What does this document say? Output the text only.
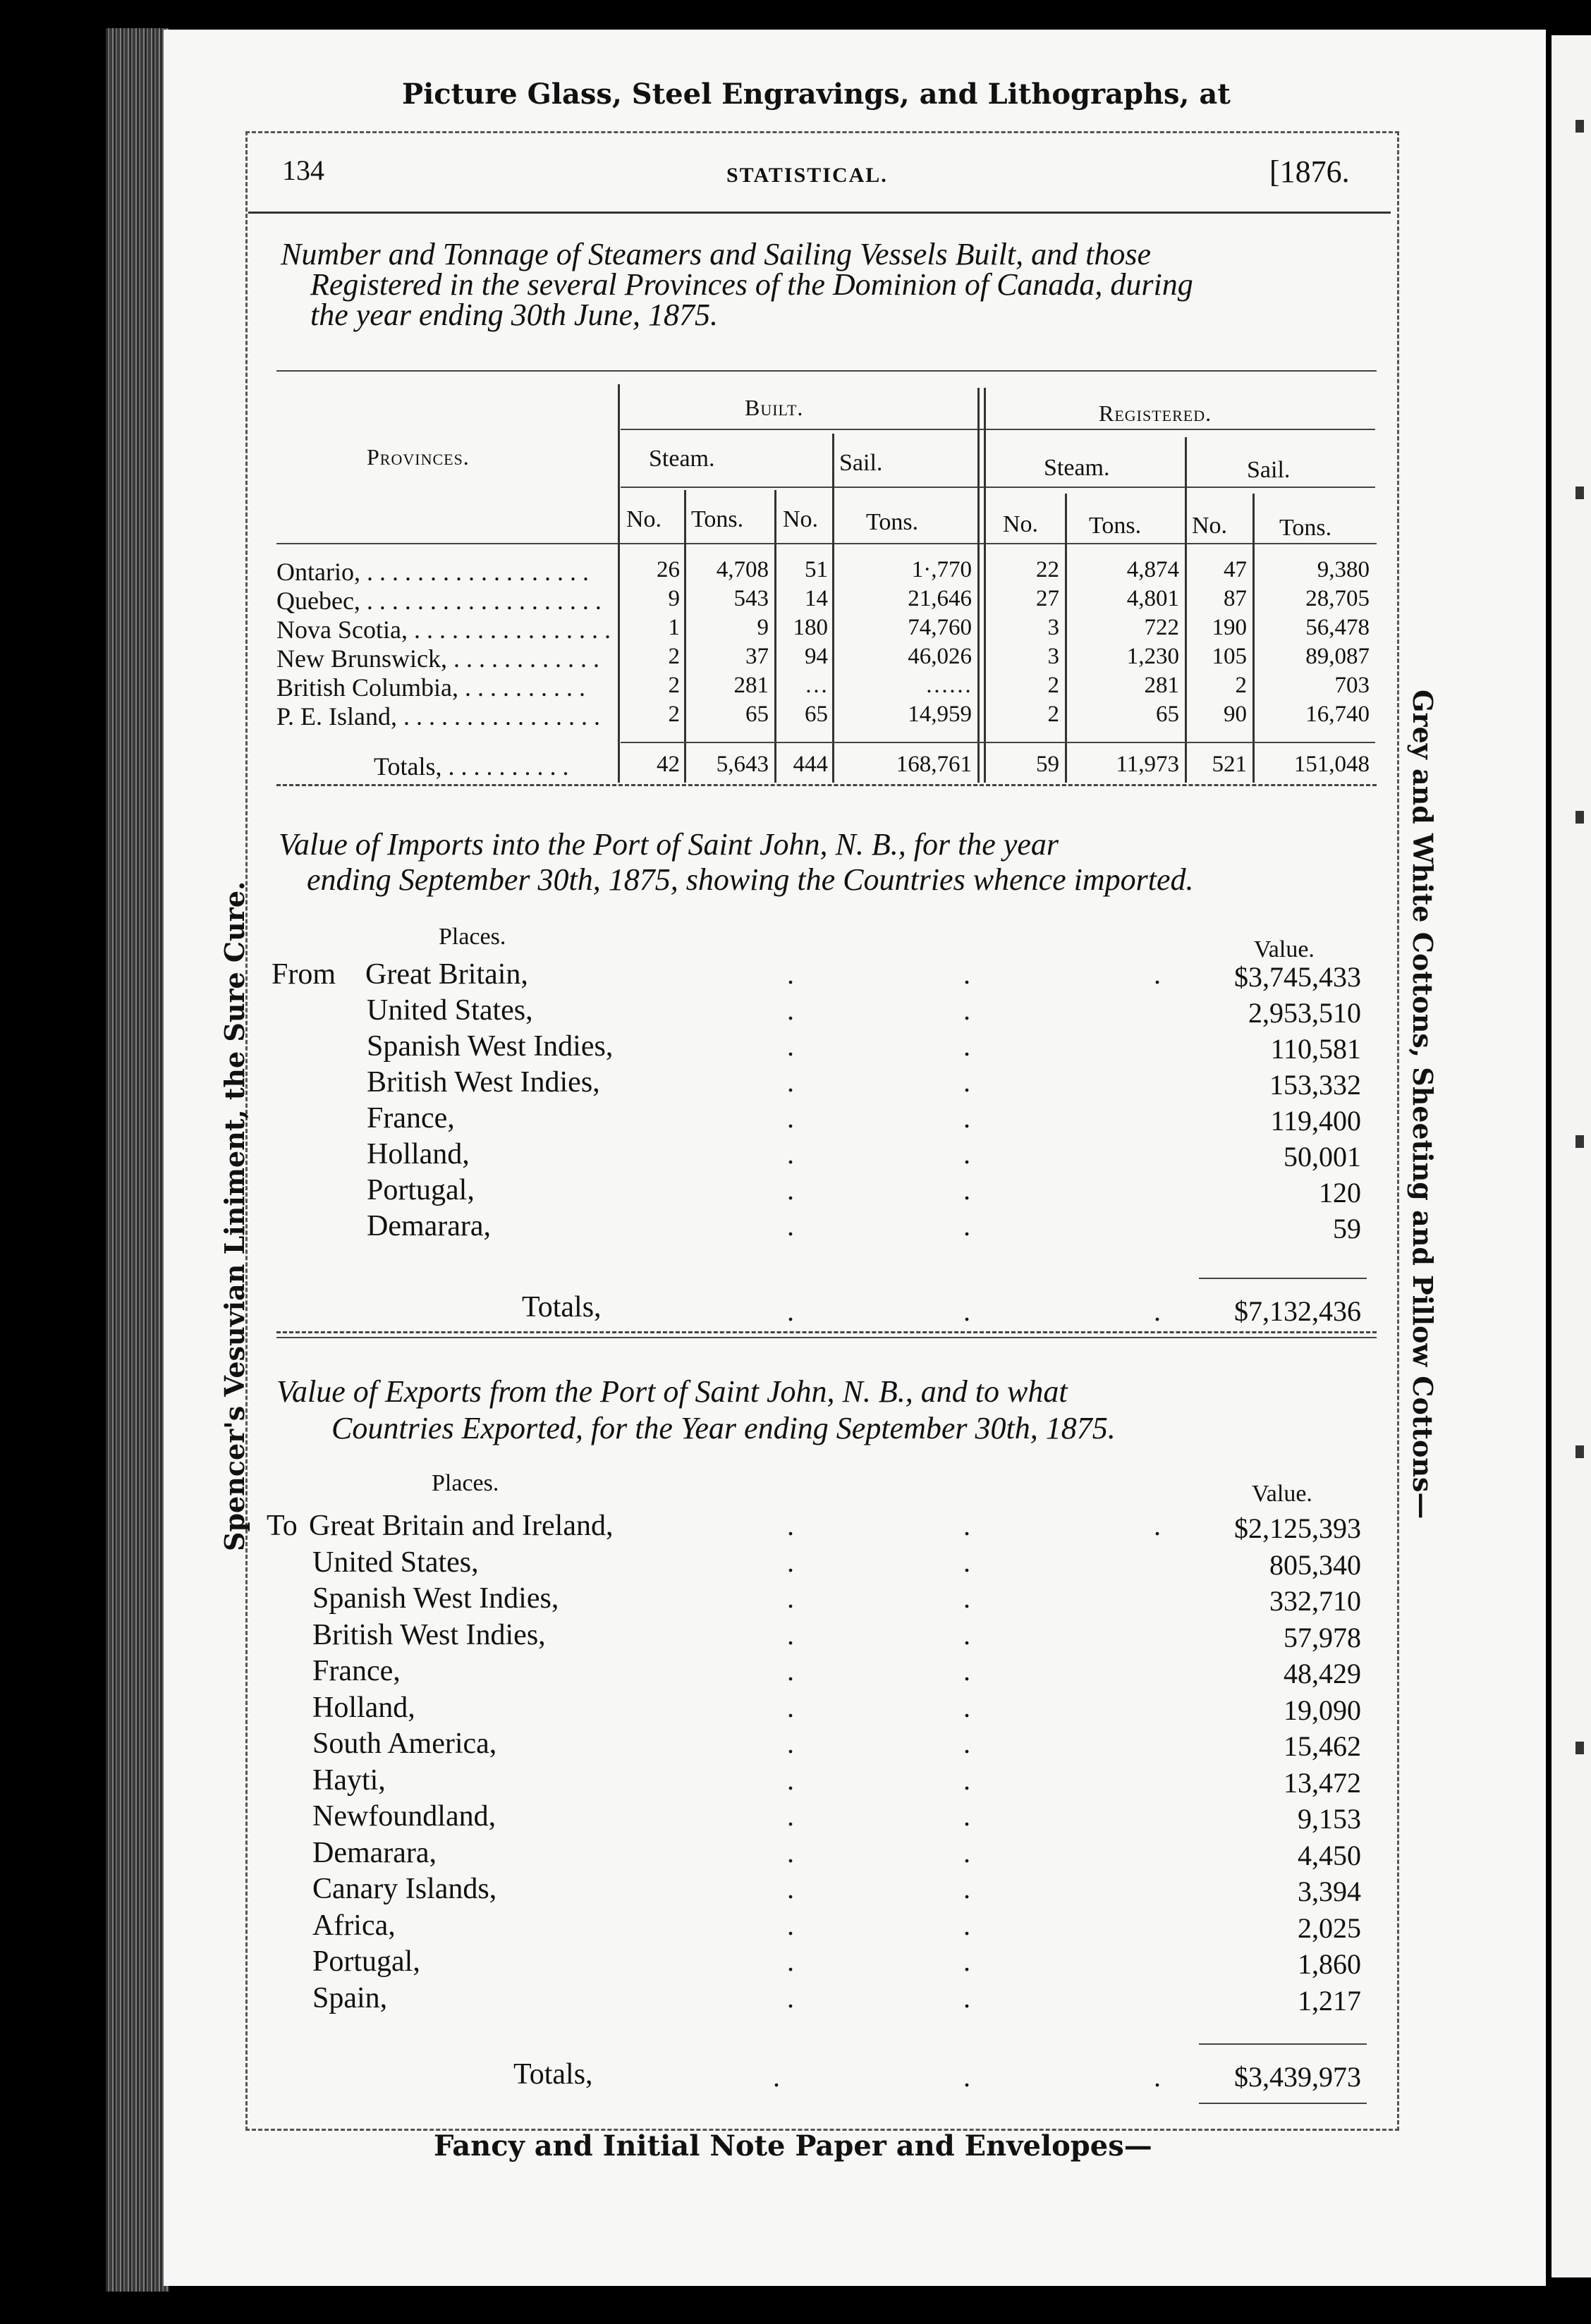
Picture Glass, Steel Engravings, and Lithographs, at
Spencer's Vesuvian Liniment, the Sure Cure.	Grey and White Cottons, Sheeting and Pillow Cottons—
Fancy and Initial Note Paper and Envelopes—
134	STATISTICAL.	[1876.
Number and Tonnage of Steamers and Sailing Vessels Built, and those
Registered in the several Provinces of the Dominion of Canada, during
the year ending 30th June, 1875.
Provinces.
Built.	Registered.
Steam.	Sail.	Steam.	Sail.
No. Tons. No. Tons.	No. Tons. No. Tons.
Ontario, . . . . . . . . . . . . . . . . . .	26	4,708	51	1·,770	22	4,874	47	9,380
Quebec, . . . . . . . . . . . . . . . . . . .	9	543	14	21,646	27	4,801	87	28,705
Nova Scotia, . . . . . . . . . . . . . . . .	1	9	180	74,760	3	722	190	56,478
New Brunswick, . . . . . . . . . . . .	2	37	94	46,026	3	1,230	105	89,087
British Columbia, . . . . . . . . . .	2	281	…	……	2	281	2	703
P. E. Island, . . . . . . . . . . . . . . . .	2	65	65	14,959	2	65	90	16,740
Totals, . . . . . . . . . .	42	5,643	444	168,761	59	11,973	521	151,048
Value of Imports into the Port of Saint John, N. B., for the year
ending September 30th, 1875, showing the Countries whence imported.
Places.	Value.
From Great Britain,	.	.	.	$3,745,433
United States,	.	.	2,953,510
Spanish West Indies,	.	.	110,581
British West Indies,	.	.	153,332
France,	.	.	119,400
Holland,	.	.	50,001
Portugal,	.	.	120
Demarara,	.	.	59
Totals,	.	.	.	$7,132,436
Value of Exports from the Port of Saint John, N. B., and to what
Countries Exported, for the Year ending September 30th, 1875.
Places.	Value.
To Great Britain and Ireland,	.	.	.	$2,125,393
United States,	.	.	805,340
Spanish West Indies,	.	.	332,710
British West Indies,	.	.	57,978
France,	.	.	48,429
Holland,	.	.	19,090
South America,	.	.	15,462
Hayti,	.	.	13,472
Newfoundland,	.	.	9,153
Demarara,	.	.	4,450
Canary Islands,	.	.	3,394
Africa,	.	.	2,025
Portugal,	.	.	1,860
Spain,	.	.	1,217
Totals,	.	.	.	$3,439,973
